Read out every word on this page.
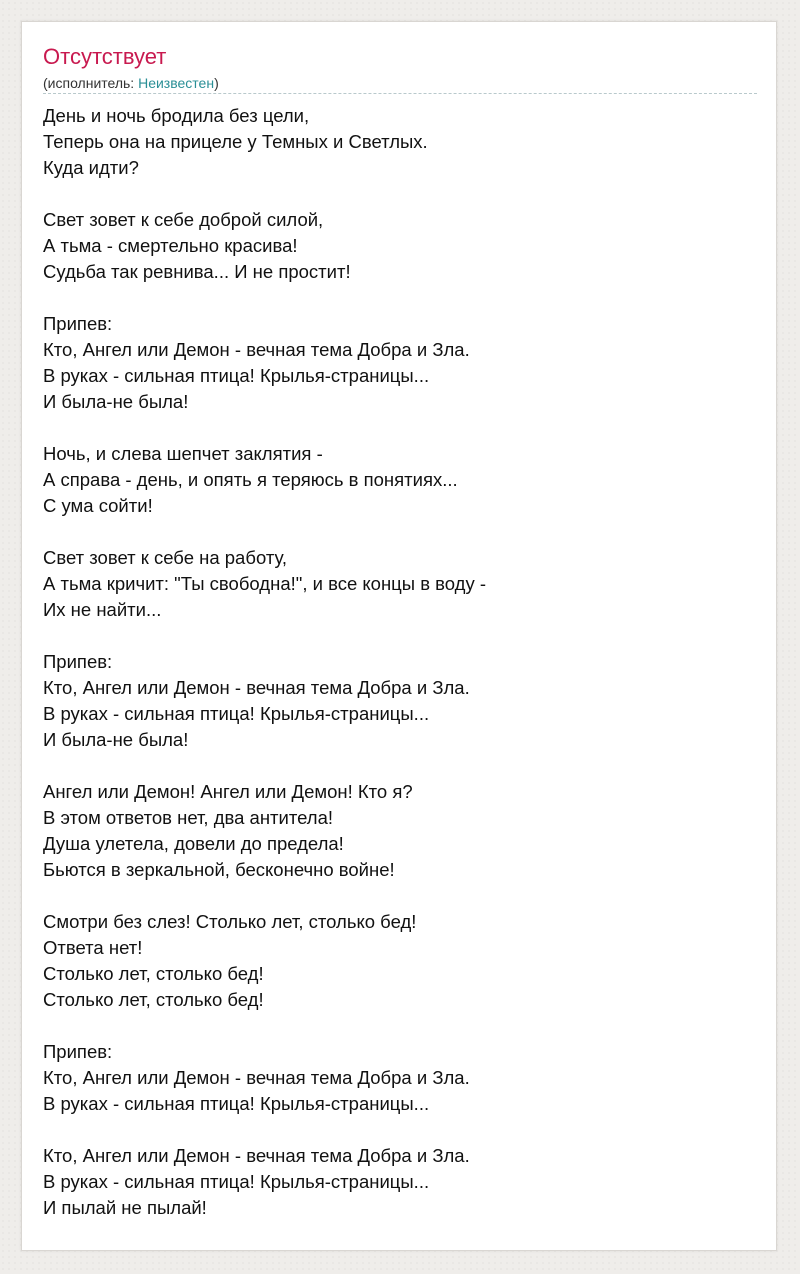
Отсутствует
(исполнитель: Неизвестен)
День и ночь бродила без цели,
Теперь она на прицеле у Темных и Светлых.
Куда идти?
Свет зовет к себе доброй силой,
А тьма - смертельно красива!
Судьба так ревнива... И не простит!
Припев:
Кто, Ангел или Демон - вечная тема Добра и Зла.
В руках - сильная птица! Крылья-страницы...
И была-не была!
Ночь, и слева шепчет заклятия -
А справа - день, и опять я теряюсь в понятиях...
С ума сойти!
Свет зовет к себе на работу,
А тьма кричит: "Ты свободна!", и все концы в воду -
Их не найти...
Припев:
Кто, Ангел или Демон - вечная тема Добра и Зла.
В руках - сильная птица! Крылья-страницы...
И была-не была!
Ангел или Демон! Ангел или Демон! Кто я?
В этом ответов нет, два антитела!
Душа улетела, довели до предела!
Бьются в зеркальной, бесконечно войне!
Смотри без слез! Столько лет, столько бед!
Ответа нет!
Столько лет, столько бед!
Столько лет, столько бед!
Припев:
Кто, Ангел или Демон - вечная тема Добра и Зла.
В руках - сильная птица! Крылья-страницы...
Кто, Ангел или Демон - вечная тема Добра и Зла.
В руках - сильная птица! Крылья-страницы...
И пылай не пылай!
